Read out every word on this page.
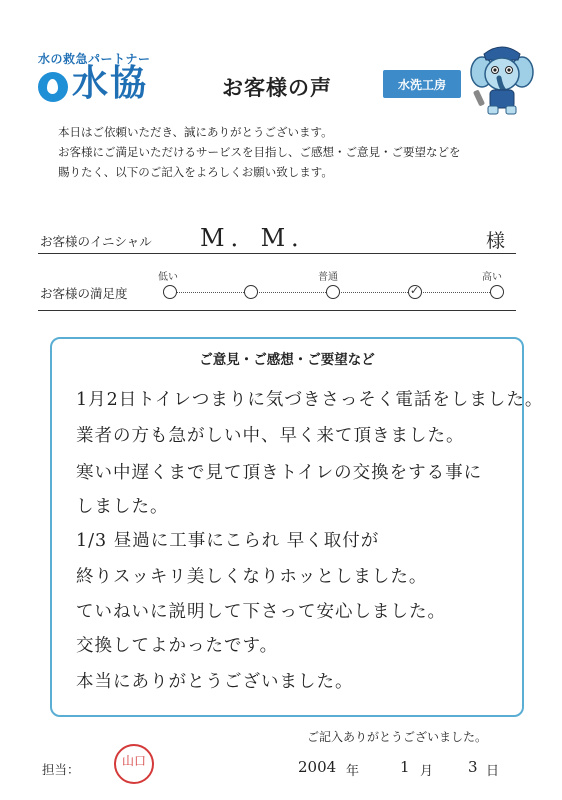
水の救急パートナー
水協	お客様の声	水洗工房
本日はご依頼いただき、誠にありがとうございます。
お客様にご満足いただけるサービスを目指し、ご感想・ご意見・ご要望などを
賜りたく、以下のご記入をよろしくお願い致します。
お客様のイニシャル M．M．	様
お客様の満足度
低い	普通	高い
✓
ご意見・ご感想・ご要望など
1月2日トイレつまりに気づきさっそく電話をしました。
業者の方も急がしい中、早く来て頂きました。
寒い中遅くまで見て頂きトイレの交換をする事に
しました。
1/3 昼過に工事にこられ 早く取付が
終りスッキリ美しくなりホッとしました。
ていねいに説明して下さって安心しました。
交換してよかったです。
本当にありがとうございました。
ご記入ありがとうございました。
担当：
山口	2004 年	1 月 3 日
